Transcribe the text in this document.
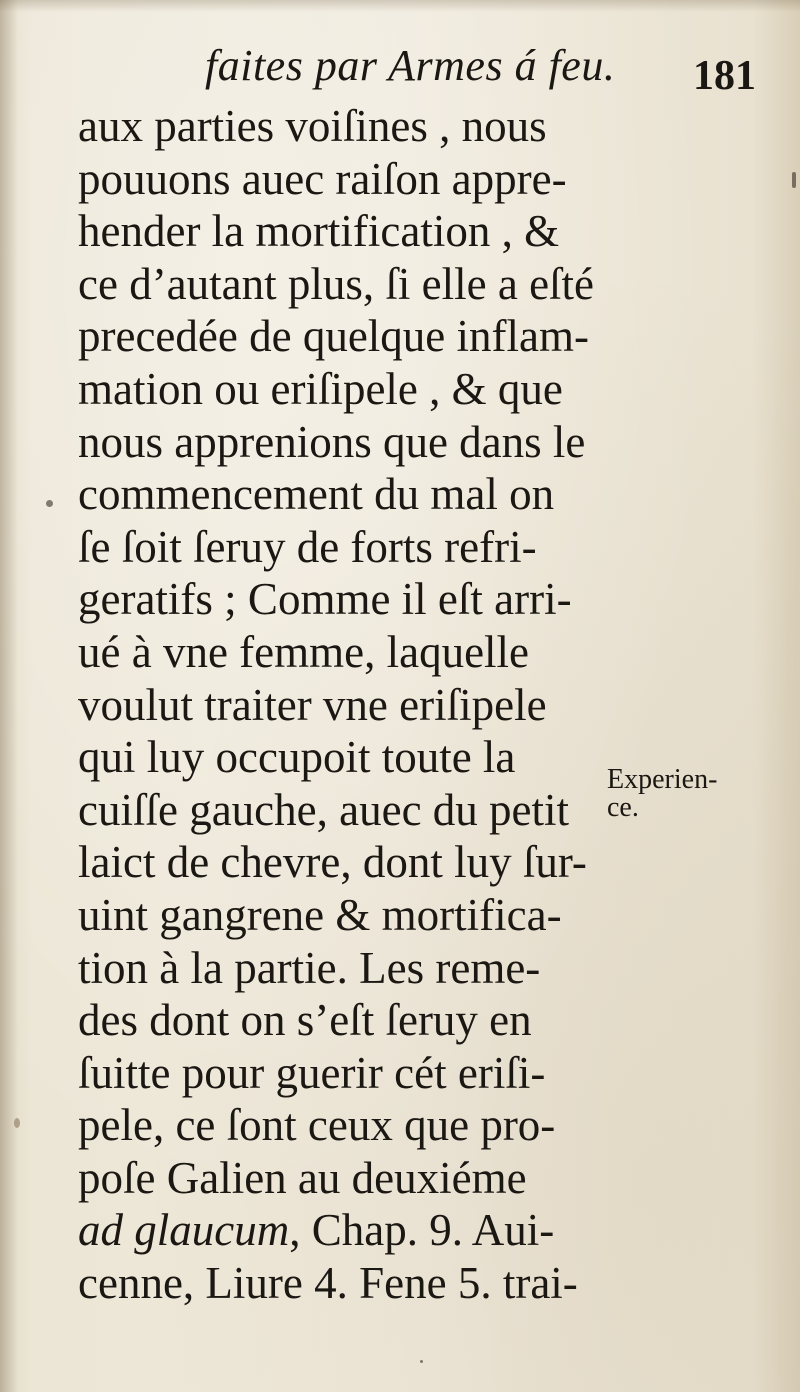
faites par Armes á feu. 181
aux parties voiſines , nous
pouuons auec raiſon appre-
hender la mortification , &
ce d’autant plus, ſi elle a eſté
precedée de quelque inflam-
mation ou eriſipele , & que
nous apprenions que dans le
commencement du mal on
ſe ſoit ſeruy de forts refri-
geratifs ; Comme il eſt arri-
ué à vne femme, laquelle
voulut traiter vne eriſipele
qui luy occupoit toute la
cuiſſe gauche, auec du petit
laict de chevre, dont luy ſur-
uint gangrene & mortifica-
tion à la partie. Les reme-
des dont on s’eſt ſeruy en
ſuitte pour guerir cét eriſi-
pele, ce ſont ceux que pro-
poſe Galien au deuxiéme
ad glaucum, Chap. 9. Aui-
cenne, Liure 4. Fene 5. trai-
Experien-
ce.
